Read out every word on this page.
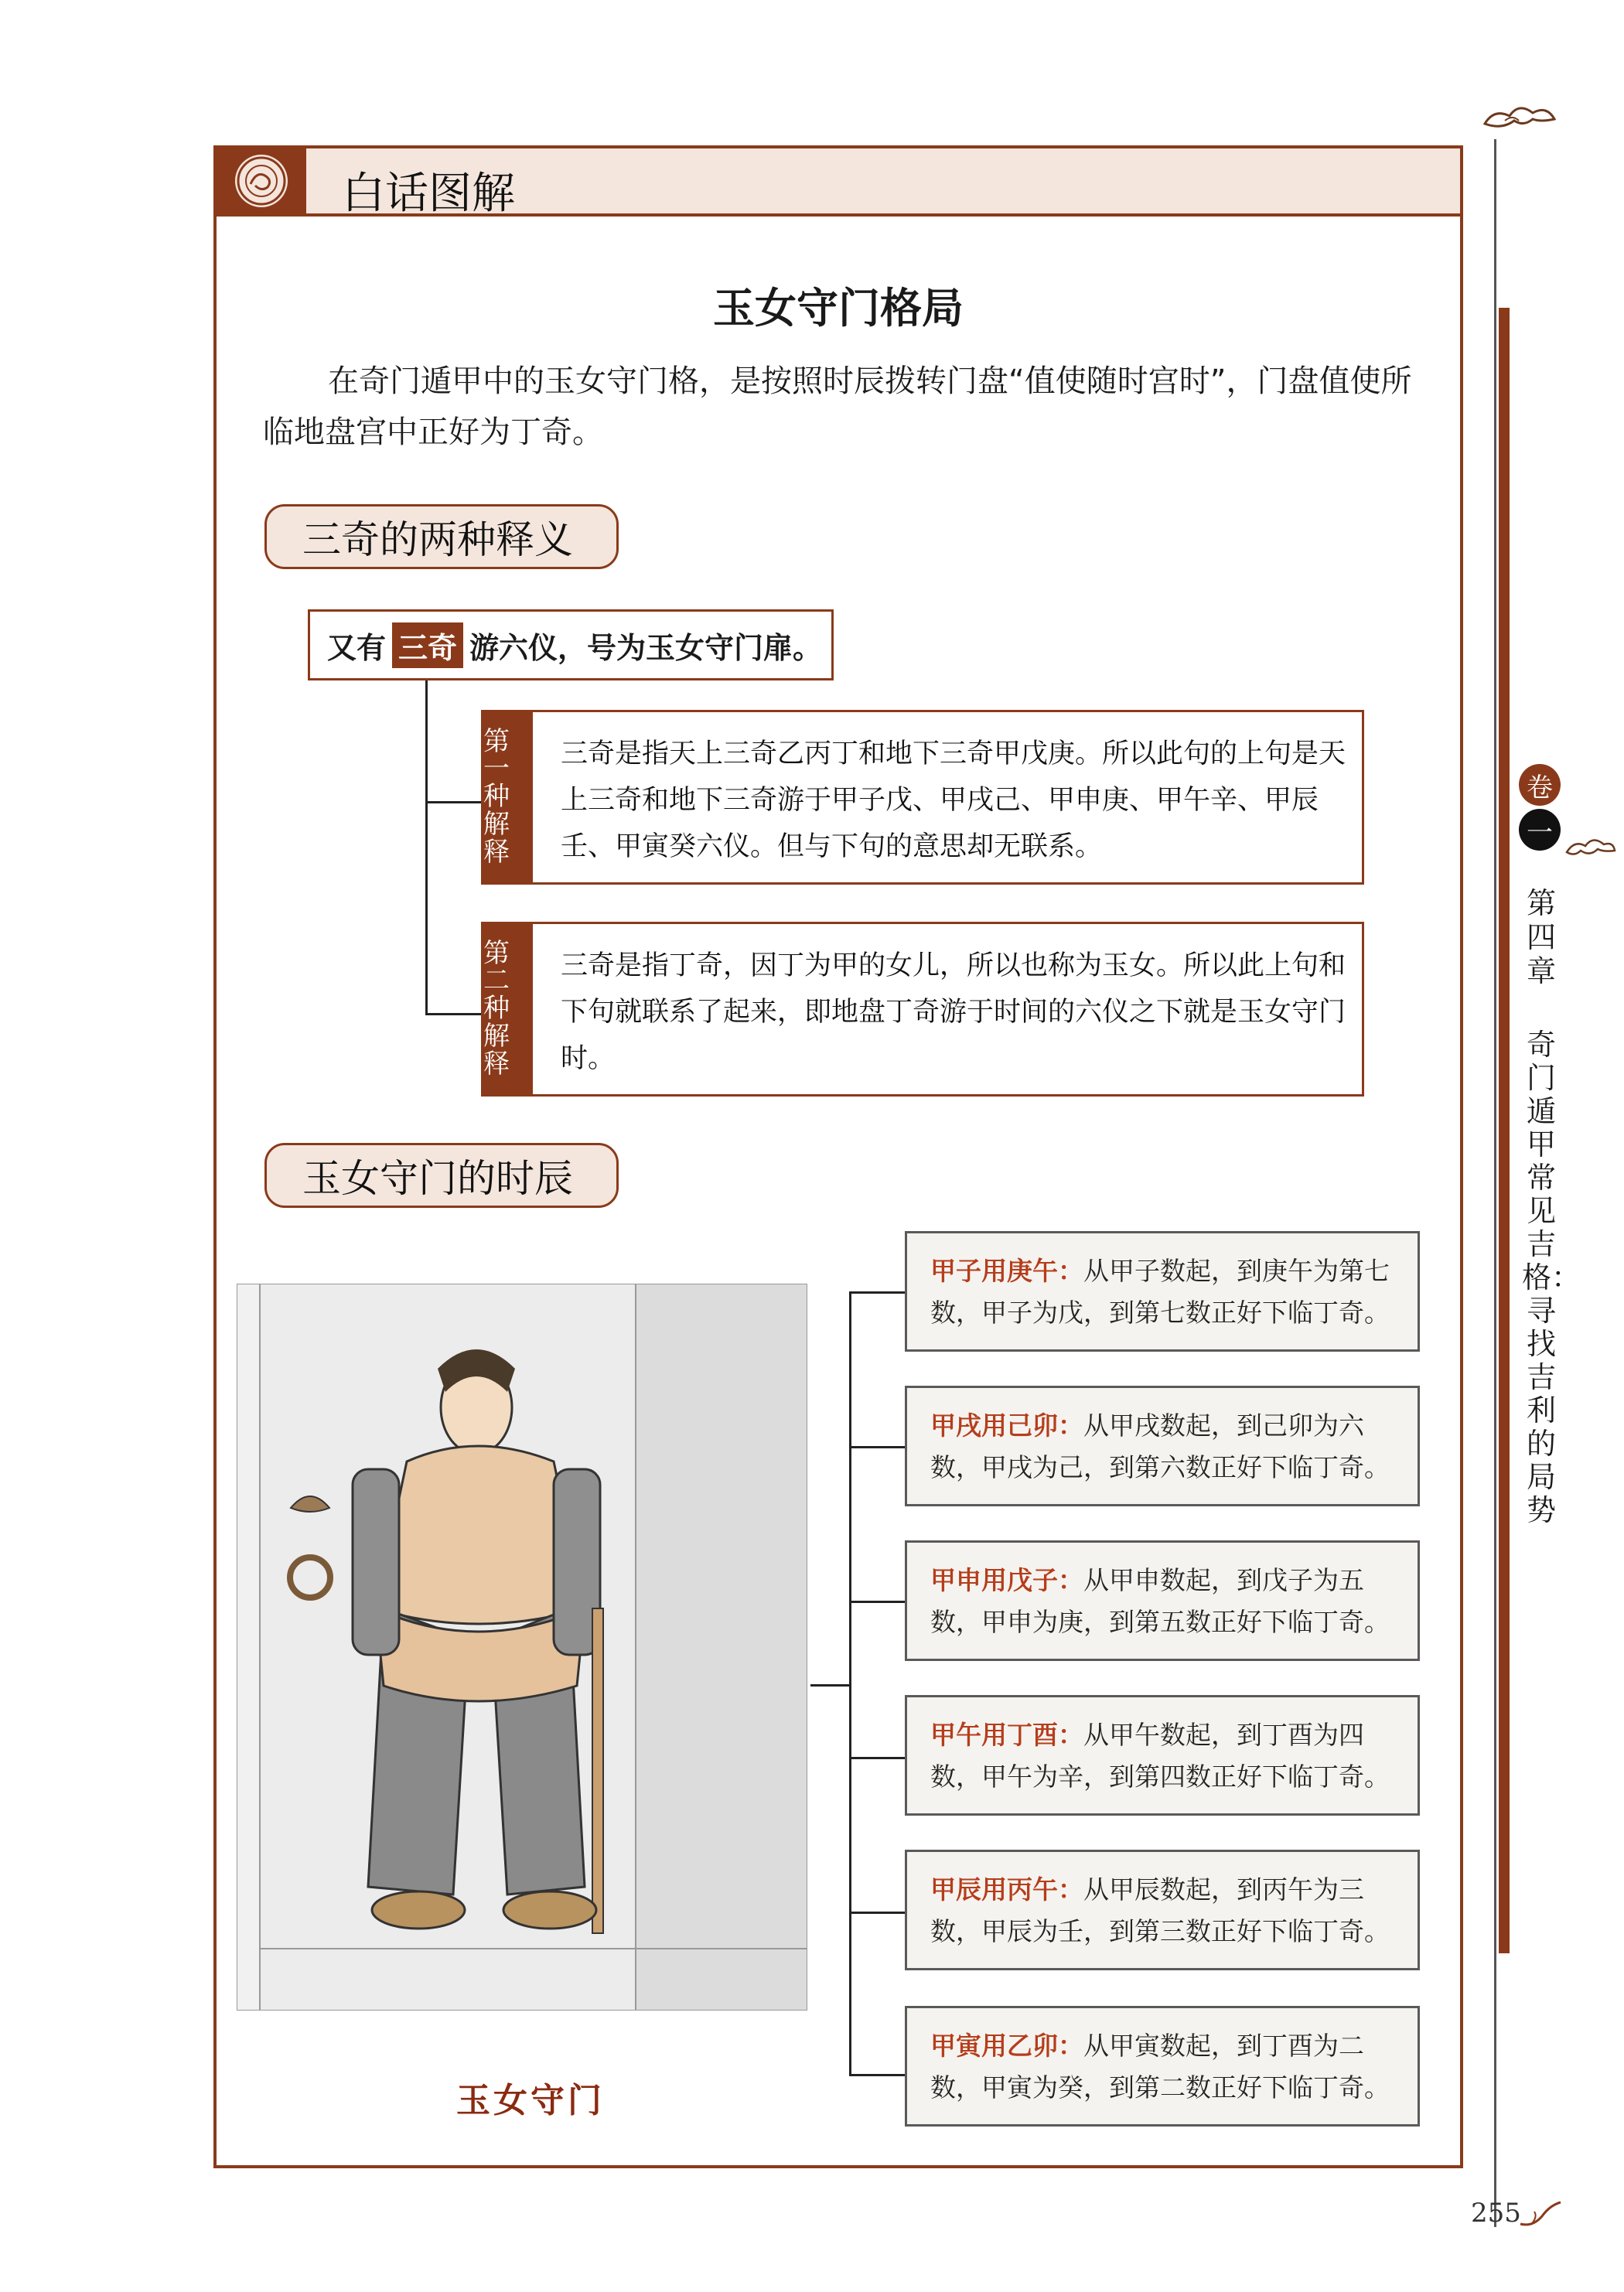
卷
一
第四章
奇门遁甲常见吉格：寻找吉利的局势
白话图解
玉女守门格局
在奇门遁甲中的玉女守门格，是按照时辰拨转门盘“值使随时宫时”，门盘值使所临地盘宫中正好为丁奇。
三奇的两种释义
又有 三奇 游六仪，号为玉女守门扉。
第一种解释
三奇是指天上三奇乙丙丁和地下三奇甲戊庚。所以此句的上句是天上三奇和地下三奇游于甲子戊、甲戌己、甲申庚、甲午辛、甲辰壬、甲寅癸六仪。但与下句的意思却无联系。
第二种解释
三奇是指丁奇，因丁为甲的女儿，所以也称为玉女。所以此上句和下句就联系了起来，即地盘丁奇游于时间的六仪之下就是玉女守门时。
玉女守门的时辰
玉女守门
甲子用庚午：从甲子数起，到庚午为第七数，甲子为戊，到第七数正好下临丁奇。
甲戌用己卯：从甲戌数起，到己卯为六数，甲戌为己，到第六数正好下临丁奇。
甲申用戊子：从甲申数起，到戊子为五数，甲申为庚，到第五数正好下临丁奇。
甲午用丁酉：从甲午数起，到丁酉为四数，甲午为辛，到第四数正好下临丁奇。
甲辰用丙午：从甲辰数起，到丙午为三数，甲辰为壬，到第三数正好下临丁奇。
甲寅用乙卯：从甲寅数起，到丁酉为二数，甲寅为癸，到第二数正好下临丁奇。
255
